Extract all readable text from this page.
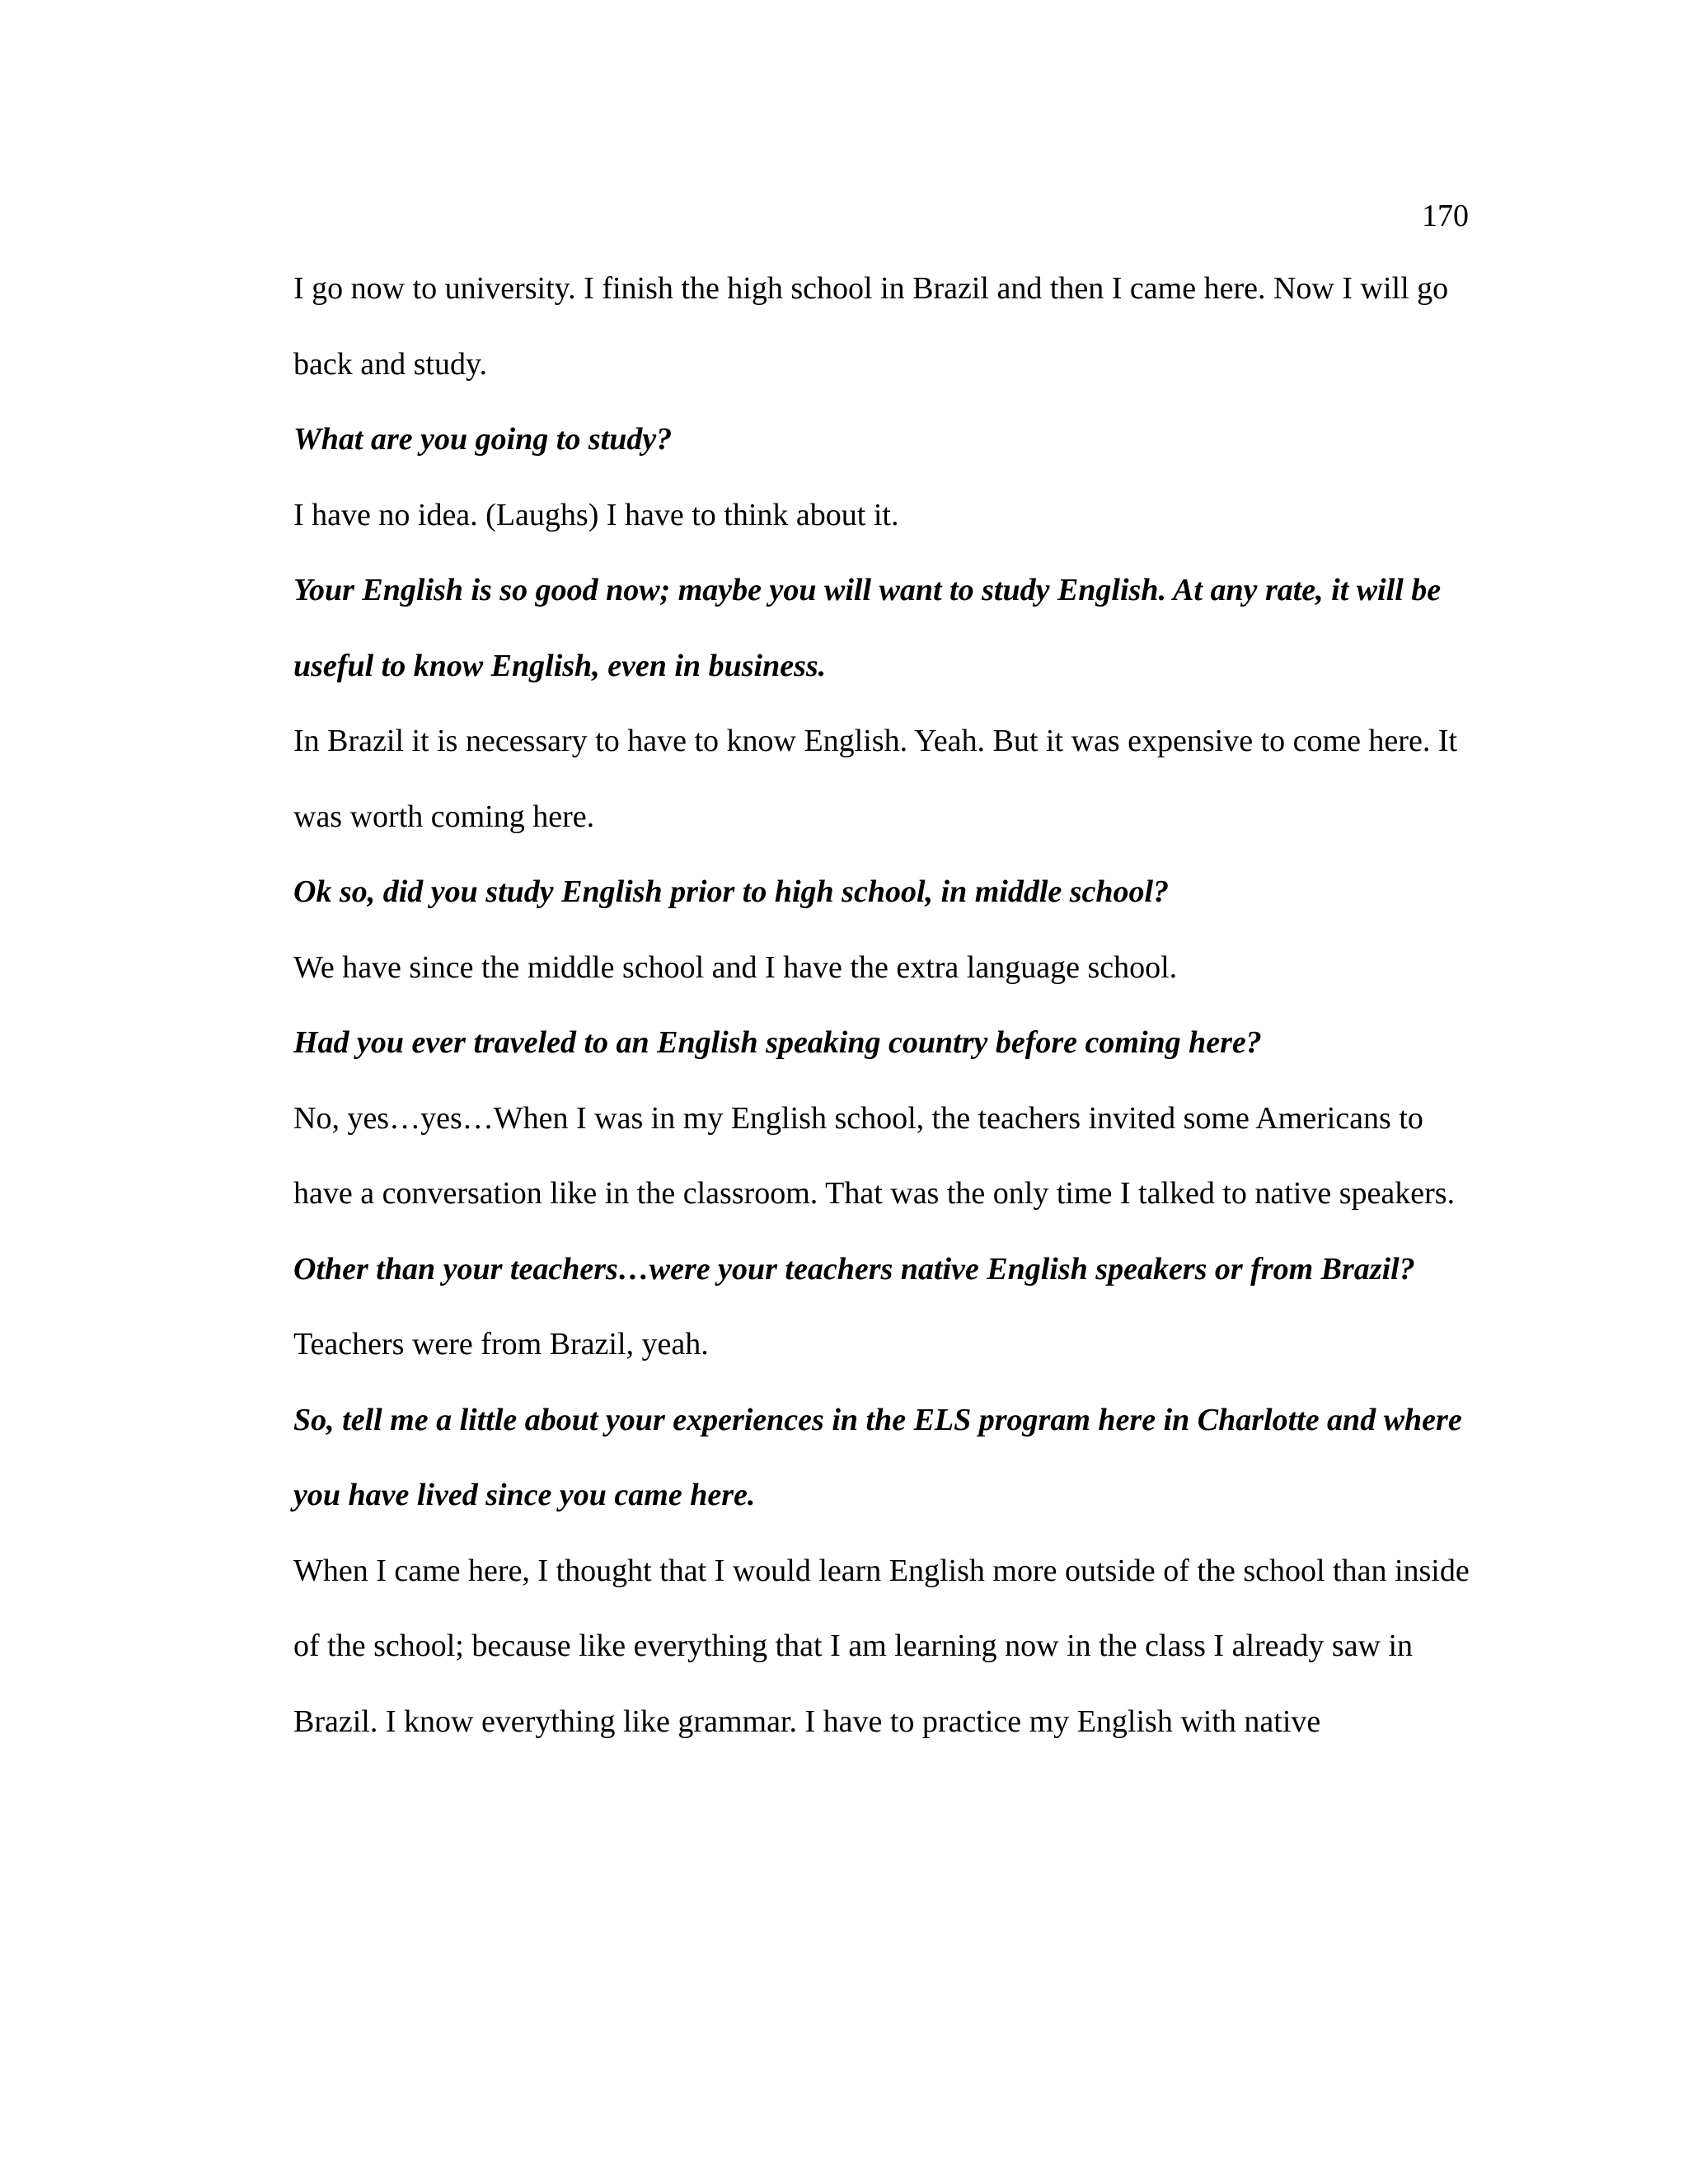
170

I go now to university. I finish the high school in Brazil and then I came here. Now I will go back and study.

What are you going to study?

I have no idea. (Laughs) I have to think about it.

Your English is so good now; maybe you will want to study English. At any rate, it will be useful to know English, even in business.

In Brazil it is necessary to have to know English. Yeah. But it was expensive to come here. It was worth coming here.

Ok so, did you study English prior to high school, in middle school?

We have since the middle school and I have the extra language school.

Had you ever traveled to an English speaking country before coming here?

No, yes…yes…When I was in my English school, the teachers invited some Americans to have a conversation like in the classroom. That was the only time I talked to native speakers.

Other than your teachers…were your teachers native English speakers or from Brazil?

Teachers were from Brazil, yeah.

So, tell me a little about your experiences in the ELS program here in Charlotte and where you have lived since you came here.

When I came here, I thought that I would learn English more outside of the school than inside of the school; because like everything that I am learning now in the class I already saw in Brazil. I know everything like grammar. I have to practice my English with native
